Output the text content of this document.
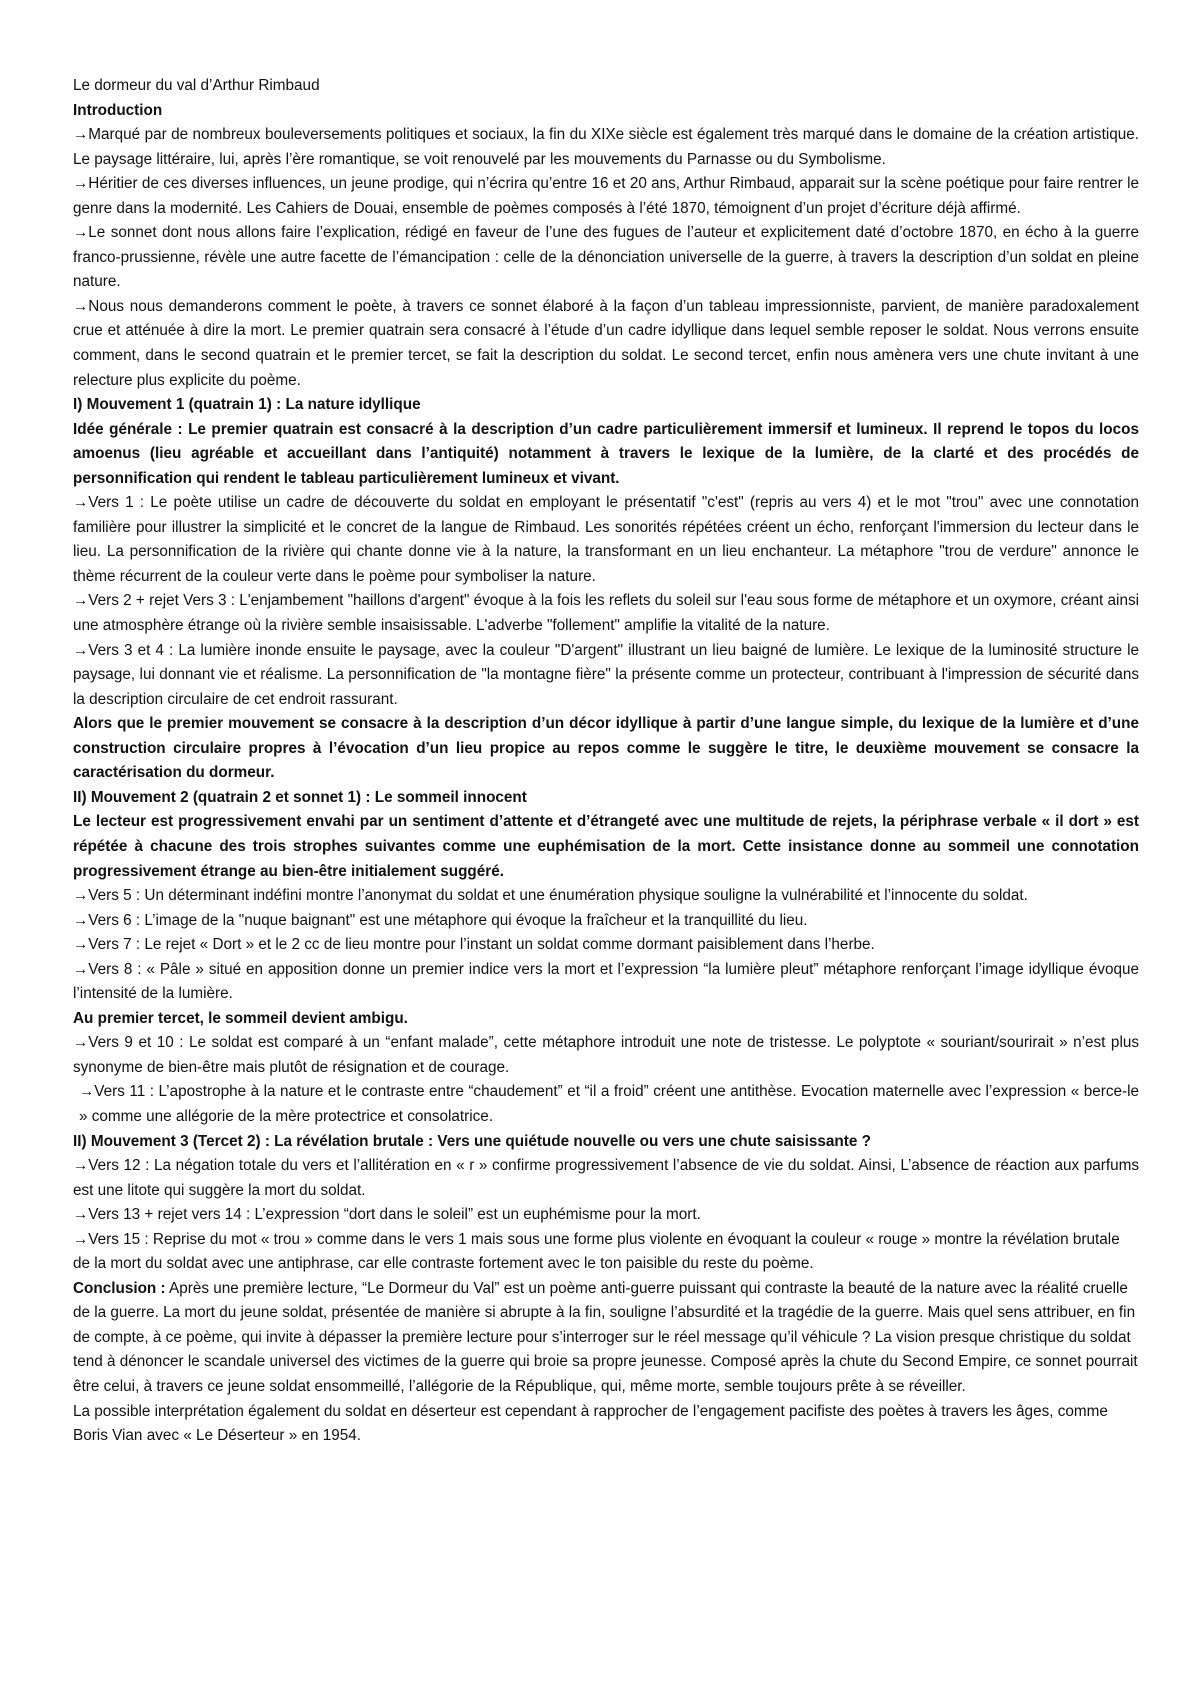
Le dormeur du val d’Arthur Rimbaud

Introduction

→Marqué par de nombreux bouleversements politiques et sociaux, la fin du XIXe siècle est également très marqué dans le domaine de la création artistique. Le paysage littéraire, lui, après l’ère romantique, se voit renouvelé par les mouvements du Parnasse ou du Symbolisme.

→Héritier de ces diverses influences, un jeune prodige, qui n’écrira qu’entre 16 et 20 ans, Arthur Rimbaud, apparait sur la scène poétique pour faire rentrer le genre dans la modernité. Les Cahiers de Douai, ensemble de poèmes composés à l’été 1870, témoignent d’un projet d’écriture déjà affirmé.

→Le sonnet dont nous allons faire l’explication, rédigé en faveur de l’une des fugues de l’auteur et explicitement daté d’octobre 1870, en écho à la guerre franco-prussienne, révèle une autre facette de l’émancipation : celle de la dénonciation universelle de la guerre, à travers la description d’un soldat en pleine nature.

→Nous nous demanderons comment le poète, à travers ce sonnet élaboré à la façon d’un tableau impressionniste, parvient, de manière paradoxalement crue et atténuée à dire la mort. Le premier quatrain sera consacré à l’étude d’un cadre idyllique dans lequel semble reposer le soldat. Nous verrons ensuite comment, dans le second quatrain et le premier tercet, se fait la description du soldat. Le second tercet, enfin nous amènera vers une chute invitant à une relecture plus explicite du poème.

I) Mouvement 1 (quatrain 1) : La nature idyllique

Idée générale : Le premier quatrain est consacré à la description d’un cadre particulièrement immersif et lumineux. Il reprend le topos du locos amoenus (lieu agréable et accueillant dans l’antiquité) notamment à travers le lexique de la lumière, de la clarté et des procédés de personnification qui rendent le tableau particulièrement lumineux et vivant.

→Vers 1 : Le poète utilise un cadre de découverte du soldat en employant le présentatif "c'est" (repris au vers 4) et le mot "trou" avec une connotation familière pour illustrer la simplicité et le concret de la langue de Rimbaud. Les sonorités répétées créent un écho, renforçant l'immersion du lecteur dans le lieu. La personnification de la rivière qui chante donne vie à la nature, la transformant en un lieu enchanteur. La métaphore "trou de verdure" annonce le thème récurrent de la couleur verte dans le poème pour symboliser la nature.

→Vers 2 + rejet Vers 3 : L'enjambement "haillons d'argent" évoque à la fois les reflets du soleil sur l'eau sous forme de métaphore et un oxymore, créant ainsi une atmosphère étrange où la rivière semble insaisissable. L'adverbe "follement" amplifie la vitalité de la nature.

→Vers 3 et 4 : La lumière inonde ensuite le paysage, avec la couleur "D'argent" illustrant un lieu baigné de lumière. Le lexique de la luminosité structure le paysage, lui donnant vie et réalisme. La personnification de "la montagne fière" la présente comme un protecteur, contribuant à l'impression de sécurité dans la description circulaire de cet endroit rassurant.

Alors que le premier mouvement se consacre à la description d’un décor idyllique à partir d’une langue simple, du lexique de la lumière et d’une construction circulaire propres à l’évocation d’un lieu propice au repos comme le suggère le titre, le deuxième mouvement se consacre la caractérisation du dormeur.

II) Mouvement 2 (quatrain 2 et sonnet 1) : Le sommeil innocent

Le lecteur est progressivement envahi par un sentiment d’attente et d’étrangeté avec une multitude de rejets, la périphrase verbale « il dort » est répétée à chacune des trois strophes suivantes comme une euphémisation de la mort. Cette insistance donne au sommeil une connotation progressivement étrange au bien-être initialement suggéré.

→Vers 5 : Un déterminant indéfini montre l’anonymat du soldat et une énumération physique souligne la vulnérabilité et l’innocente du soldat.

→Vers 6 : L’image de la "nuque baignant" est une métaphore qui évoque la fraîcheur et la tranquillité du lieu.

→Vers 7 : Le rejet « Dort » et le 2 cc de lieu montre pour l’instant un soldat comme dormant paisiblement dans l’herbe.

→Vers 8 : « Pâle » situé en apposition donne un premier indice vers la mort et l’expression “la lumière pleut” métaphore renforçant l’image idyllique évoque l’intensité de la lumière.

Au premier tercet, le sommeil devient ambigu.

→Vers 9 et 10 : Le soldat est comparé à un “enfant malade”, cette métaphore introduit une note de tristesse. Le polyptote « souriant/sourirait » n’est plus synonyme de bien-être mais plutôt de résignation et de courage.

→Vers 11 : L’apostrophe à la nature et le contraste entre “chaudement” et “il a froid” créent une antithèse. Evocation maternelle avec l’expression « berce-le » comme une allégorie de la mère protectrice et consolatrice.

II) Mouvement 3 (Tercet 2) : La révélation brutale : Vers une quiétude nouvelle ou vers une chute saisissante ?

→Vers 12 : La négation totale du vers et l’allitération en « r » confirme progressivement l’absence de vie du soldat. Ainsi, L’absence de réaction aux parfums est une litote qui suggère la mort du soldat.

→Vers 13 + rejet vers 14 : L’expression “dort dans le soleil” est un euphémisme pour la mort.

→Vers 15 : Reprise du mot « trou » comme dans le vers 1 mais sous une forme plus violente en évoquant la couleur « rouge » montre la révélation brutale de la mort du soldat avec une antiphrase, car elle contraste fortement avec le ton paisible du reste du poème.

Conclusion : Après une première lecture, “Le Dormeur du Val” est un poème anti-guerre puissant qui contraste la beauté de la nature avec la réalité cruelle de la guerre. La mort du jeune soldat, présentée de manière si abrupte à la fin, souligne l’absurdité et la tragédie de la guerre. Mais quel sens attribuer, en fin de compte, à ce poème, qui invite à dépasser la première lecture pour s’interroger sur le réel message qu’il véhicule ? La vision presque christique du soldat tend à dénoncer le scandale universel des victimes de la guerre qui broie sa propre jeunesse. Composé après la chute du Second Empire, ce sonnet pourrait être celui, à travers ce jeune soldat ensommeillé, l’allégorie de la République, qui, même morte, semble toujours prête à se réveiller.

La possible interprétation également du soldat en déserteur est cependant à rapprocher de l’engagement pacifiste des poètes à travers les âges, comme Boris Vian avec « Le Déserteur » en 1954.
